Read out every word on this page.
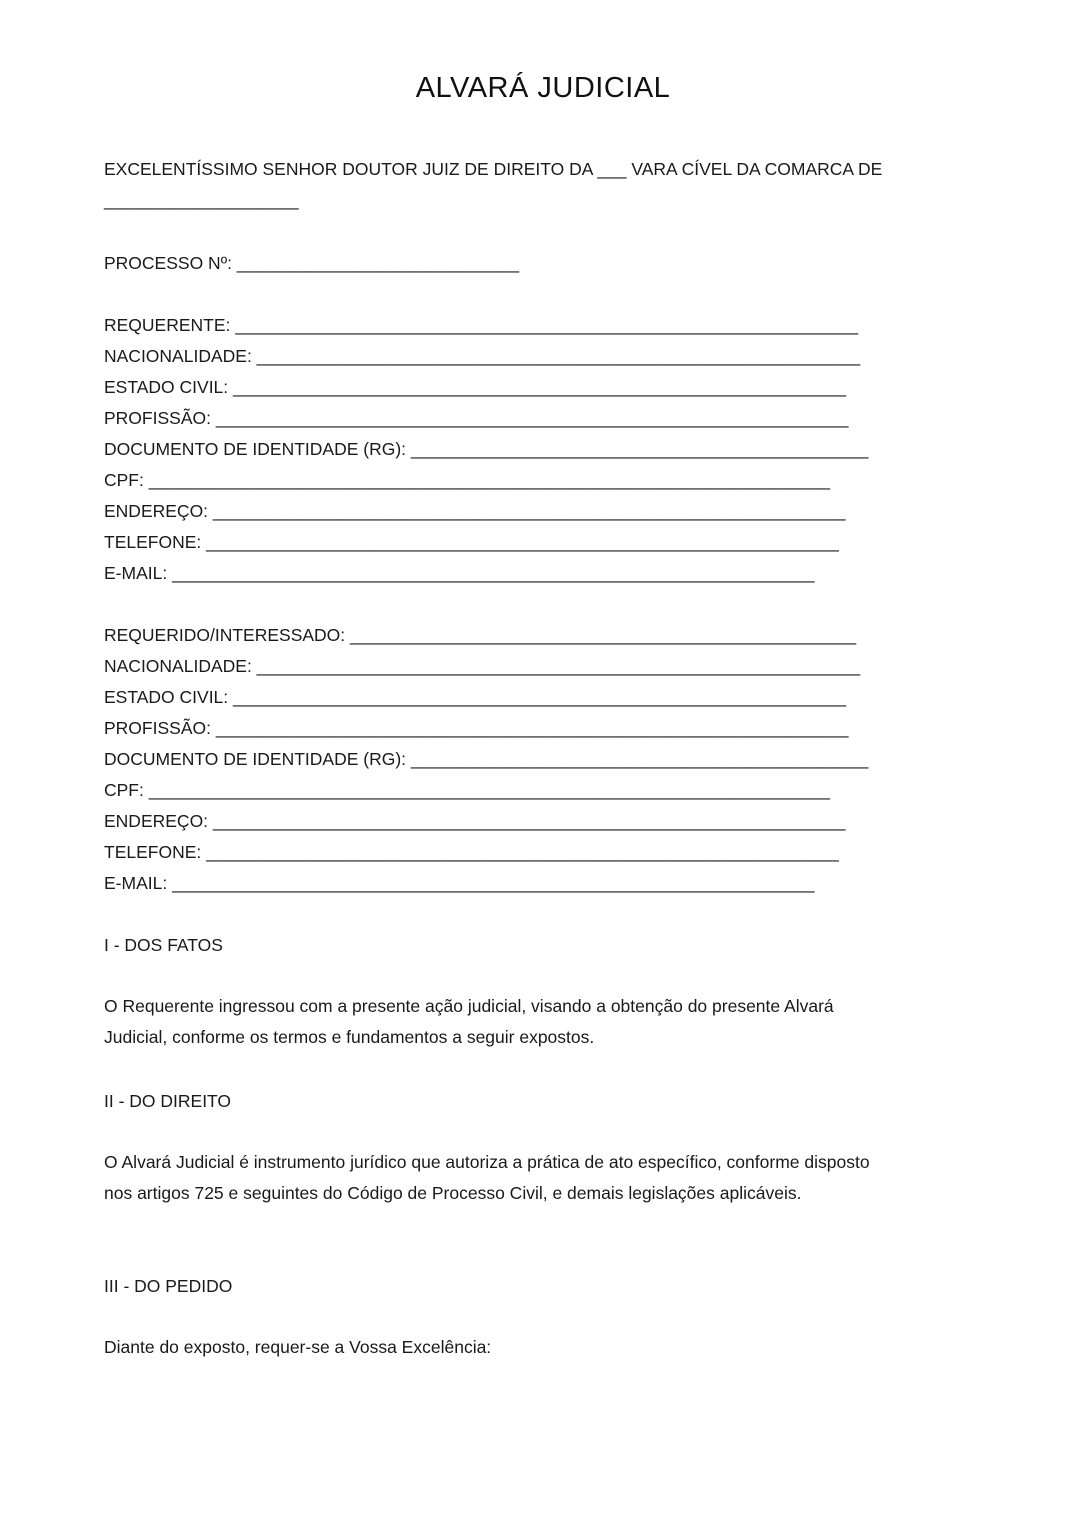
ALVARÁ JUDICIAL
EXCELENTÍSSIMO SENHOR DOUTOR JUIZ DE DIREITO DA ___ VARA CÍVEL DA COMARCA DE
____________________
PROCESSO Nº: _____________________________
REQUERENTE: ________________________________________________________________
NACIONALIDADE: ______________________________________________________________
ESTADO CIVIL: _______________________________________________________________
PROFISSÃO: _________________________________________________________________
DOCUMENTO DE IDENTIDADE (RG): _______________________________________________
CPF: ______________________________________________________________________
ENDEREÇO: _________________________________________________________________
TELEFONE: _________________________________________________________________
E-MAIL: __________________________________________________________________
REQUERIDO/INTERESSADO: ____________________________________________________
NACIONALIDADE: ______________________________________________________________
ESTADO CIVIL: _______________________________________________________________
PROFISSÃO: _________________________________________________________________
DOCUMENTO DE IDENTIDADE (RG): _______________________________________________
CPF: ______________________________________________________________________
ENDEREÇO: _________________________________________________________________
TELEFONE: _________________________________________________________________
E-MAIL: __________________________________________________________________
I - DOS FATOS
O Requerente ingressou com a presente ação judicial, visando a obtenção do presente Alvará Judicial, conforme os termos e fundamentos a seguir expostos.
II - DO DIREITO
O Alvará Judicial é instrumento jurídico que autoriza a prática de ato específico, conforme disposto nos artigos 725 e seguintes do Código de Processo Civil, e demais legislações aplicáveis.
III - DO PEDIDO
Diante do exposto, requer-se a Vossa Excelência:
